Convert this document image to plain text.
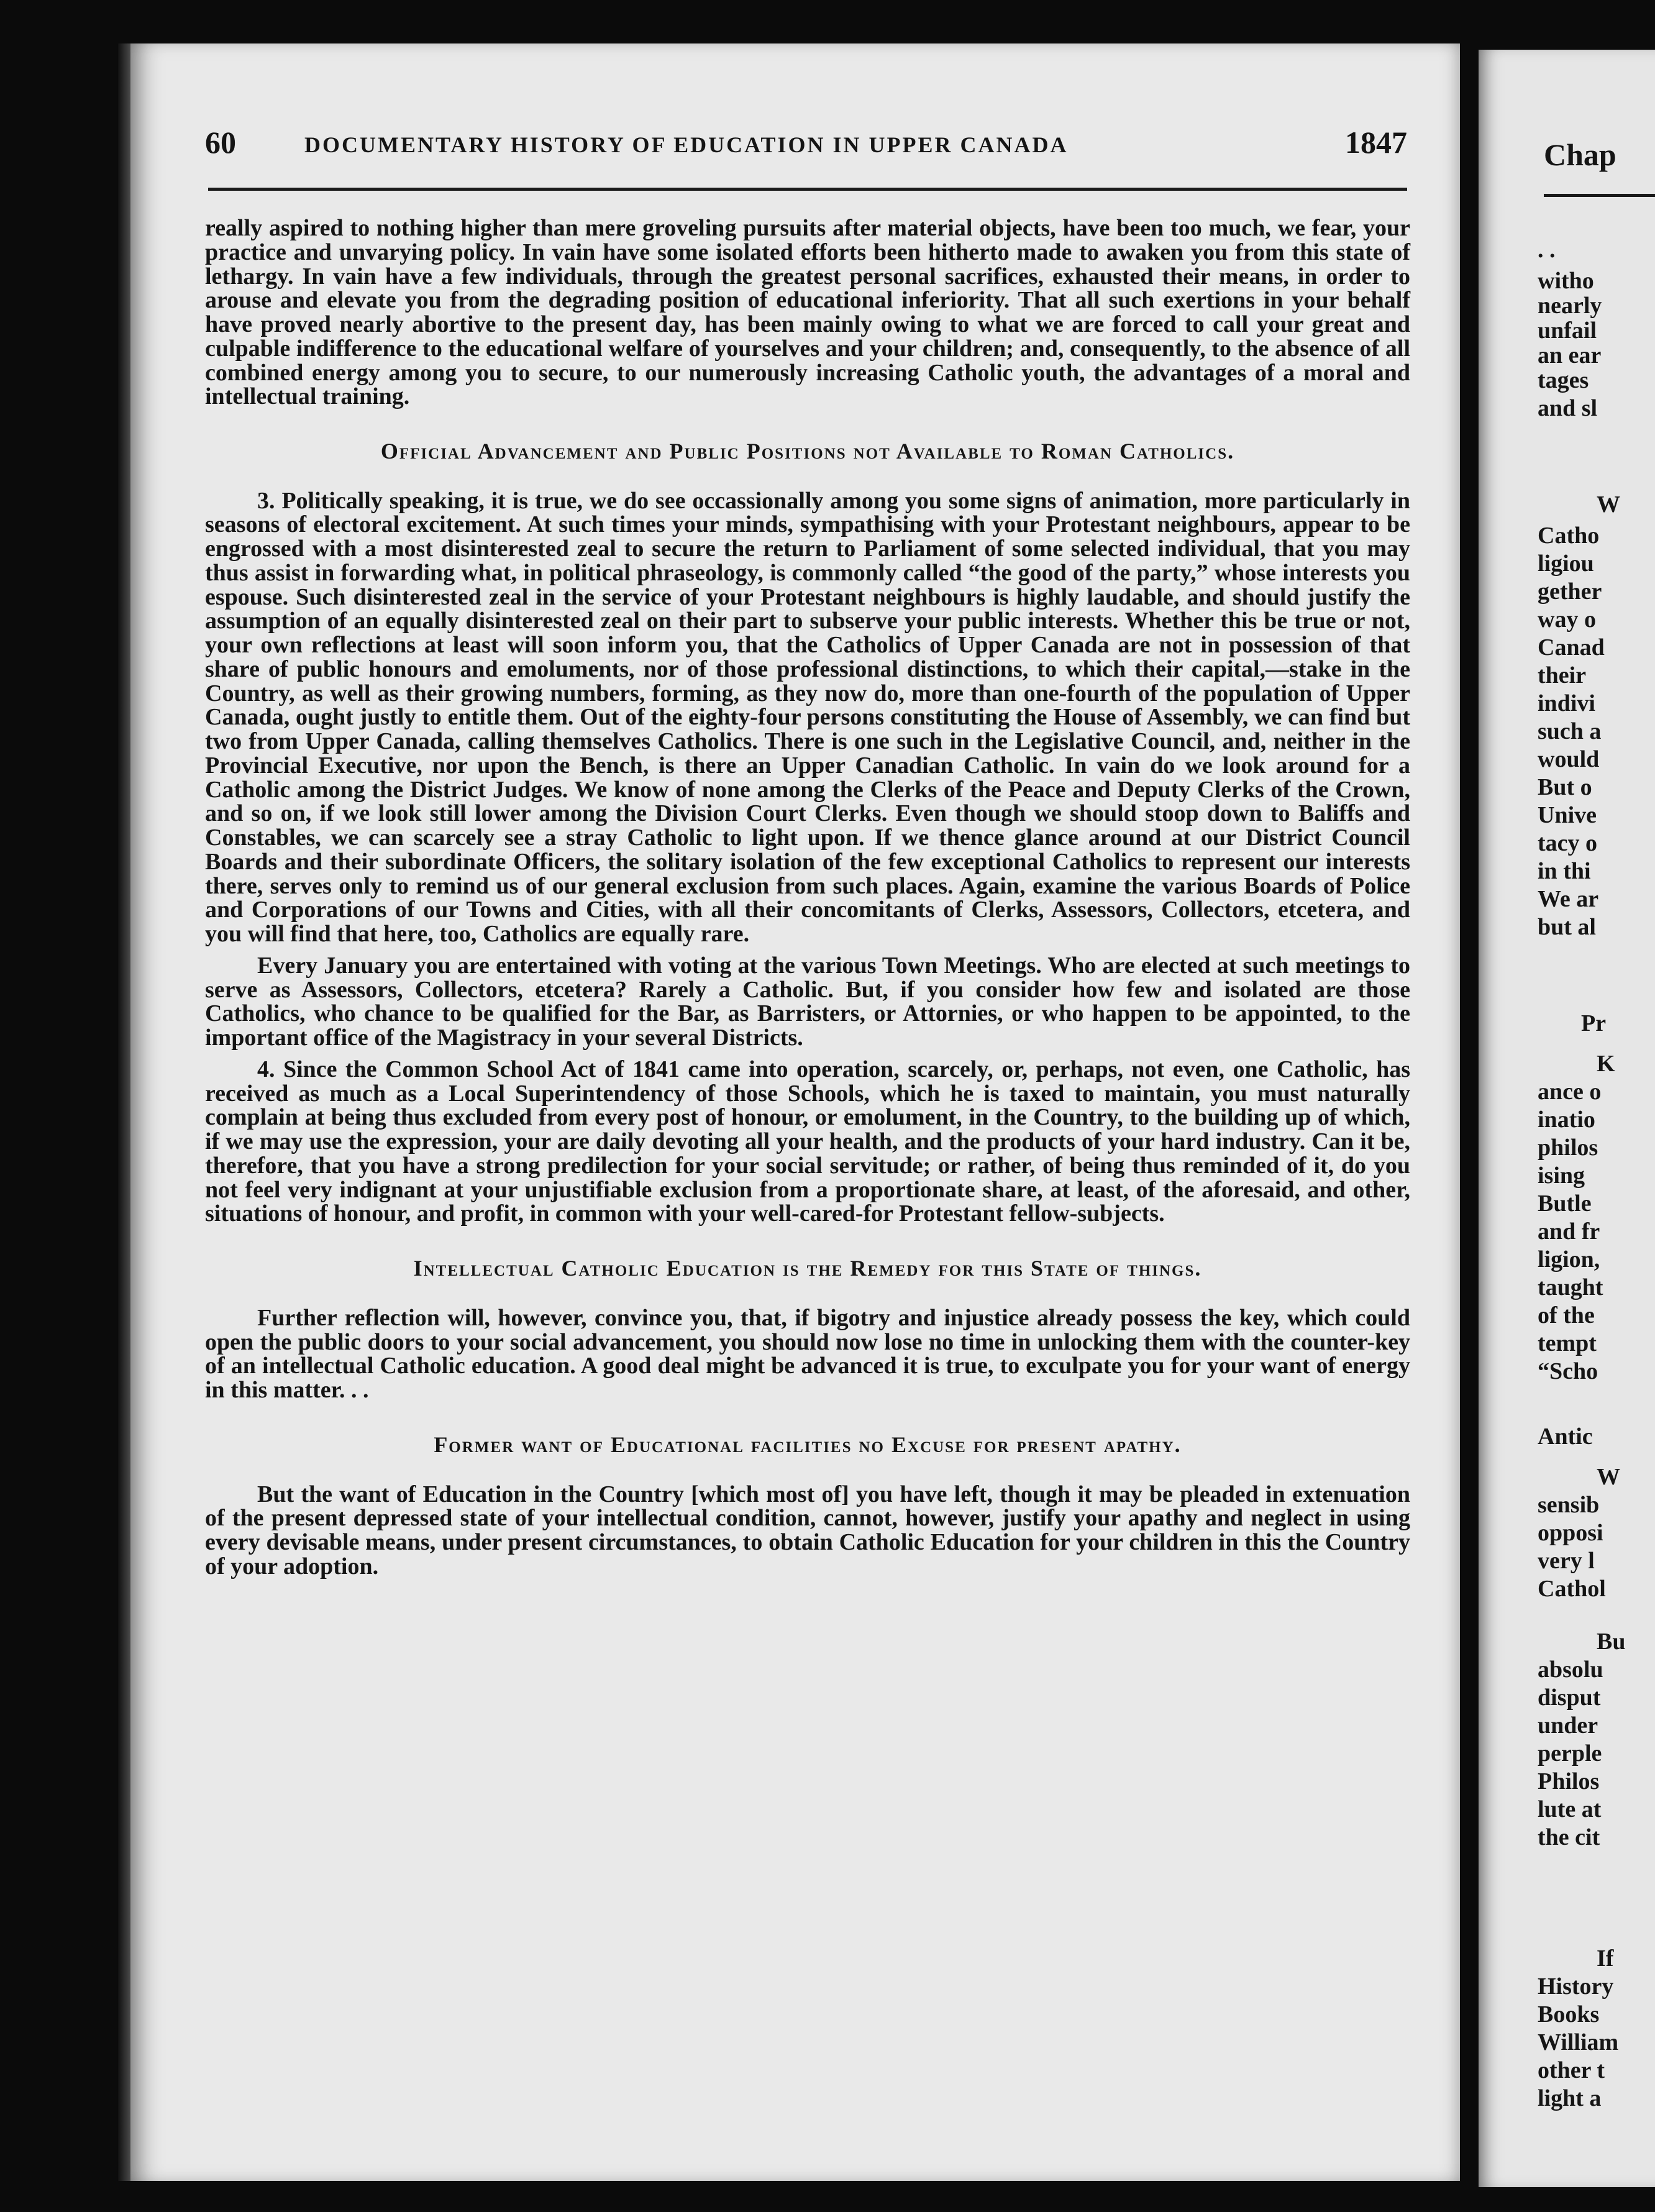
60	DOCUMENTARY HISTORY OF EDUCATION IN UPPER CANADA	1847

really aspired to nothing higher than mere groveling pursuits after material objects, have been too much, we fear, your practice and unvarying policy. In vain have some isolated efforts been hitherto made to awaken you from this state of lethargy. In vain have a few individuals, through the greatest personal sacrifices, exhausted their means, in order to arouse and elevate you from the degrading position of educational inferiority. That all such exertions in your behalf have proved nearly abortive to the present day, has been mainly owing to what we are forced to call your great and culpable indifference to the educational welfare of yourselves and your children; and, consequently, to the absence of all combined energy among you to secure, to our numerously increasing Catholic youth, the advantages of a moral and intellectual training.

Official Advancement and Public Positions not Available to Roman Catholics.

3. Politically speaking, it is true, we do see occassionally among you some signs of animation, more particularly in seasons of electoral excitement. At such times your minds, sympathising with your Protestant neighbours, appear to be engrossed with a most disinterested zeal to secure the return to Parliament of some selected individual, that you may thus assist in forwarding what, in political phraseology, is commonly called “the good of the party,” whose interests you espouse. Such disinterested zeal in the service of your Protestant neighbours is highly laudable, and should justify the assumption of an equally disinterested zeal on their part to subserve your public interests. Whether this be true or not, your own reflections at least will soon inform you, that the Catholics of Upper Canada are not in possession of that share of public honours and emoluments, nor of those professional distinctions, to which their capital,—stake in the Country, as well as their growing numbers, forming, as they now do, more than one-fourth of the population of Upper Canada, ought justly to entitle them. Out of the eighty-four persons constituting the House of Assembly, we can find but two from Upper Canada, calling themselves Catholics. There is one such in the Legislative Council, and, neither in the Provincial Executive, nor upon the Bench, is there an Upper Canadian Catholic. In vain do we look around for a Catholic among the District Judges. We know of none among the Clerks of the Peace and Deputy Clerks of the Crown, and so on, if we look still lower among the Division Court Clerks. Even though we should stoop down to Baliffs and Constables, we can scarcely see a stray Catholic to light upon. If we thence glance around at our District Council Boards and their subordinate Officers, the solitary isolation of the few exceptional Catholics to represent our interests there, serves only to remind us of our general exclusion from such places. Again, examine the various Boards of Police and Corporations of our Towns and Cities, with all their concomitants of Clerks, Assessors, Collectors, etcetera, and you will find that here, too, Catholics are equally rare.

Every January you are entertained with voting at the various Town Meetings. Who are elected at such meetings to serve as Assessors, Collectors, etcetera? Rarely a Catholic. But, if you consider how few and isolated are those Catholics, who chance to be qualified for the Bar, as Barristers, or Attornies, or who happen to be appointed, to the important office of the Magistracy in your several Districts.

4. Since the Common School Act of 1841 came into operation, scarcely, or, perhaps, not even, one Catholic, has received as much as a Local Superintendency of those Schools, which he is taxed to maintain, you must naturally complain at being thus excluded from every post of honour, or emolument, in the Country, to the building up of which, if we may use the expression, your are daily devoting all your health, and the products of your hard industry. Can it be, therefore, that you have a strong predilection for your social servitude; or rather, of being thus reminded of it, do you not feel very indignant at your unjustifiable exclusion from a proportionate share, at least, of the aforesaid, and other, situations of honour, and profit, in common with your well-cared-for Protestant fellow-subjects.

Intellectual Catholic Education is the Remedy for this State of things.

Further reflection will, however, convince you, that, if bigotry and injustice already possess the key, which could open the public doors to your social advancement, you should now lose no time in unlocking them with the counter-key of an intellectual Catholic education. A good deal might be advanced it is true, to exculpate you for your want of energy in this matter. . .

Former want of Educational facilities no Excuse for present apathy.

But the want of Education in the Country [which most of] you have left, though it may be pleaded in extenuation of the present depressed state of your intellectual condition, cannot, however, justify your apathy and neglect in using every devisable means, under present circumstances, to obtain Catholic Education for your children in this the Country of your adoption.

Chap
. .
witho
nearly
unfail
an ear
tages
and sl
W
Catho
ligiou
gether
way o
Canad
their
indivi
such a
would
But o
Unive
tacy o
in thi
We ar
but al
Pr
K
ance o
inatio
philos
ising
Butle
and fr
ligion,
taught
of the
tempt
“Scho
Antic
W
sensib
opposi
very l
Cathol
Bu
absolu
disput
under
perple
Philos
lute at
the cit
If
History
Books
William
other t
light a
